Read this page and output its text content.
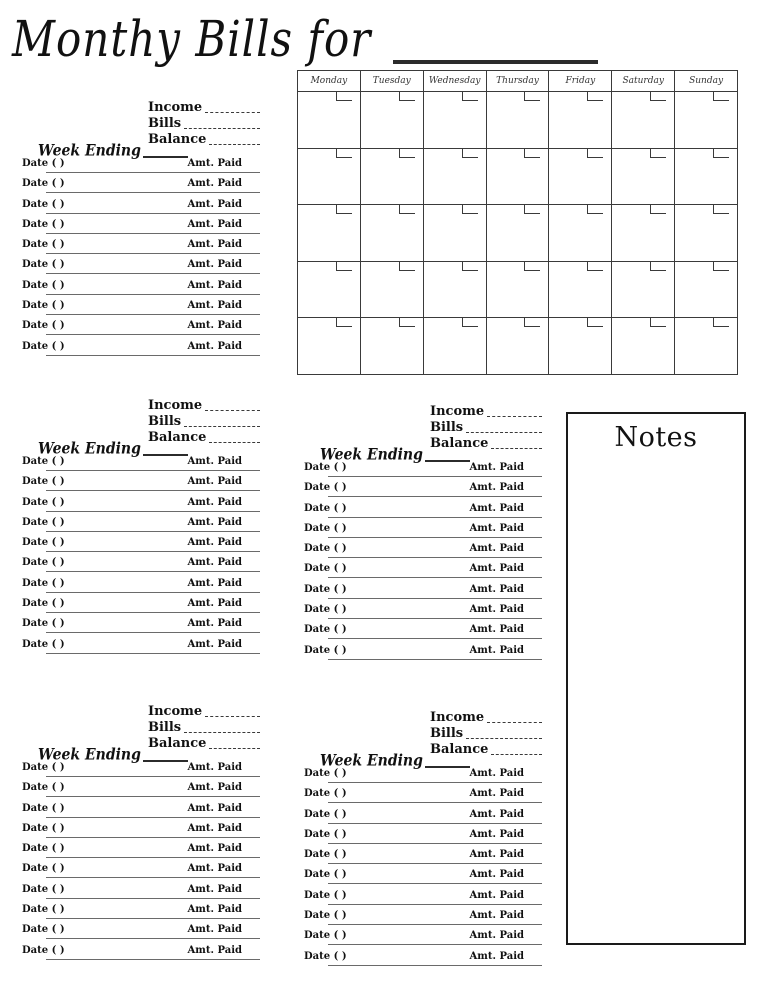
Monthy Bills for
Monday	Tuesday	Wednesday	Thursday	Friday	Saturday	Sunday
Income
Bills
Balance
Week Ending
Date ( )	Amt. Paid
Date ( )	Amt. Paid
Date ( )	Amt. Paid
Date ( )	Amt. Paid
Date ( )	Amt. Paid
Date ( )	Amt. Paid
Date ( )	Amt. Paid
Date ( )	Amt. Paid
Date ( )	Amt. Paid
Date ( )	Amt. Paid
Income
Bills
Balance
Week Ending
Date ( )	Amt. Paid
Date ( )	Amt. Paid
Date ( )	Amt. Paid
Date ( )	Amt. Paid
Date ( )	Amt. Paid
Date ( )	Amt. Paid
Date ( )	Amt. Paid
Date ( )	Amt. Paid
Date ( )	Amt. Paid
Date ( )	Amt. Paid
Income
Bills
Balance
Week Ending
Date ( )	Amt. Paid
Date ( )	Amt. Paid
Date ( )	Amt. Paid
Date ( )	Amt. Paid
Date ( )	Amt. Paid
Date ( )	Amt. Paid
Date ( )	Amt. Paid
Date ( )	Amt. Paid
Date ( )	Amt. Paid
Date ( )	Amt. Paid
Income
Bills
Balance
Week Ending
Date ( )	Amt. Paid
Date ( )	Amt. Paid
Date ( )	Amt. Paid
Date ( )	Amt. Paid
Date ( )	Amt. Paid
Date ( )	Amt. Paid
Date ( )	Amt. Paid
Date ( )	Amt. Paid
Date ( )	Amt. Paid
Date ( )	Amt. Paid
Income
Bills
Balance
Week Ending
Date ( )	Amt. Paid
Date ( )	Amt. Paid
Date ( )	Amt. Paid
Date ( )	Amt. Paid
Date ( )	Amt. Paid
Date ( )	Amt. Paid
Date ( )	Amt. Paid
Date ( )	Amt. Paid
Date ( )	Amt. Paid
Date ( )	Amt. Paid
Notes
